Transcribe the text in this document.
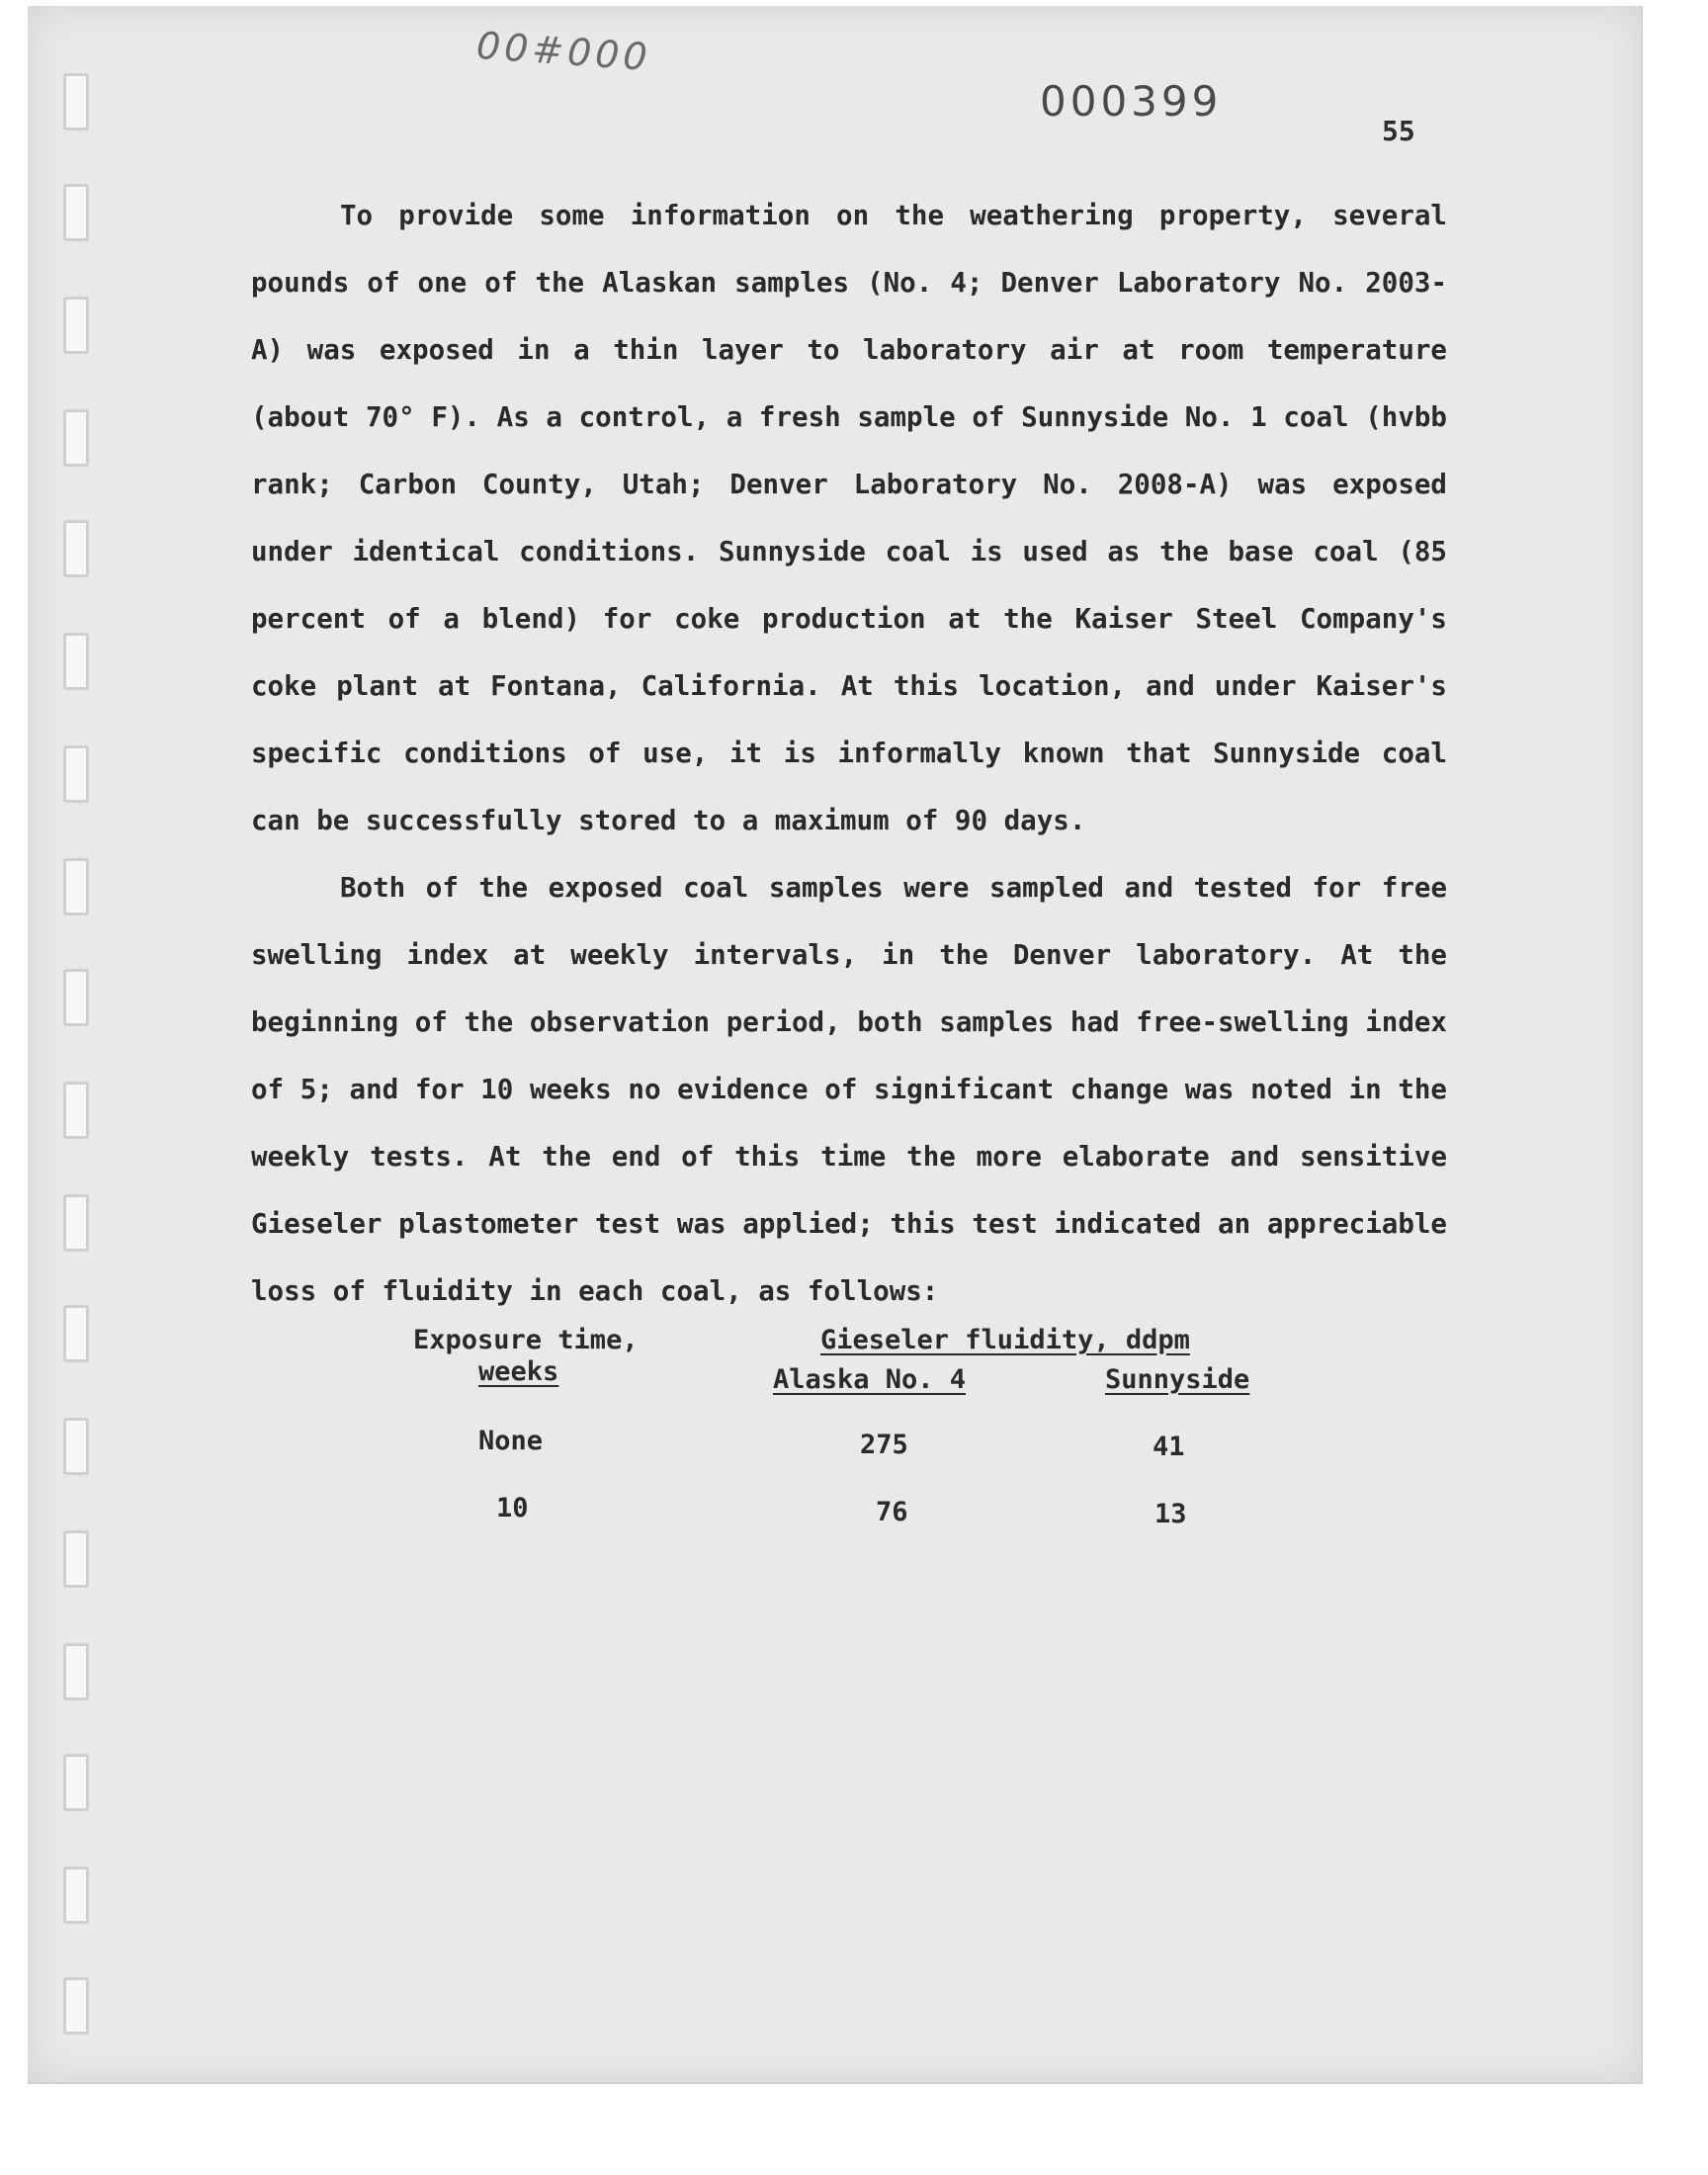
00#000
000399
55

To provide some information on the weathering property, several pounds of one of the Alaskan samples (No. 4; Denver Laboratory No. 2003-A) was exposed in a thin layer to laboratory air at room temperature (about 70° F). As a control, a fresh sample of Sunnyside No. 1 coal (hvbb rank; Carbon County, Utah; Denver Laboratory No. 2008-A) was exposed under identical conditions. Sunnyside coal is used as the base coal (85 percent of a blend) for coke production at the Kaiser Steel Company's coke plant at Fontana, California. At this location, and under Kaiser's specific conditions of use, it is informally known that Sunnyside coal can be successfully stored to a maximum of 90 days.

Both of the exposed coal samples were sampled and tested for free swelling index at weekly intervals, in the Denver laboratory. At the beginning of the observation period, both samples had free-swelling index of 5; and for 10 weeks no evidence of significant change was noted in the weekly tests. At the end of this time the more elaborate and sensitive Gieseler plastometer test was applied; this test indicated an appreciable loss of fluidity in each coal, as follows:

Exposure time,
weeks
Gieseler fluidity, ddpm
Alaska No. 4	Sunnyside
None	275	41
10	76	13
